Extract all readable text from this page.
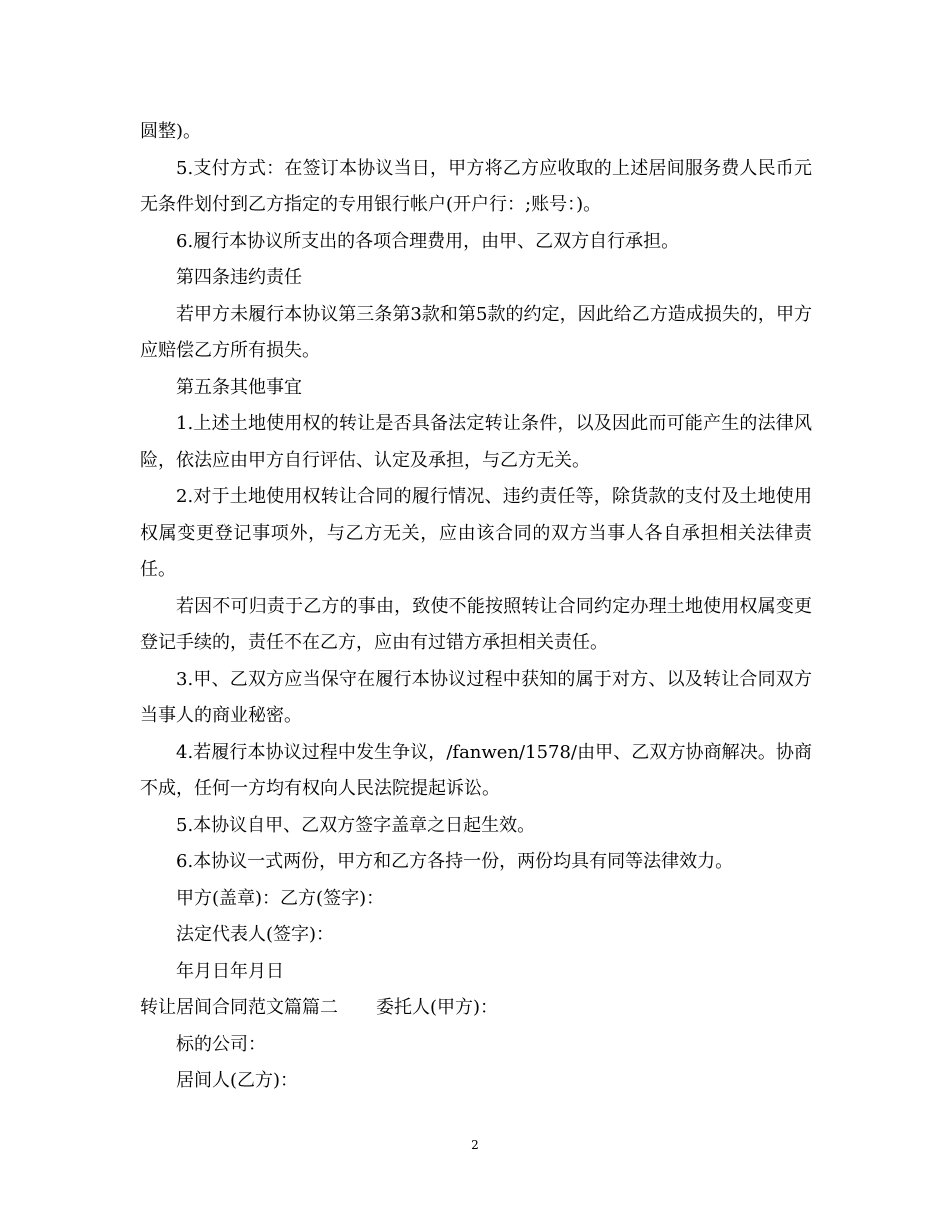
圆整)。

5.支付方式：在签订本协议当日，甲方将乙方应收取的上述居间服务费人民币元无条件划付到乙方指定的专用银行帐户(开户行：;账号：)。

6.履行本协议所支出的各项合理费用，由甲、乙双方自行承担。

第四条违约责任

若甲方未履行本协议第三条第3款和第5款的约定，因此给乙方造成损失的，甲方应赔偿乙方所有损失。

第五条其他事宜

1.上述土地使用权的转让是否具备法定转让条件，以及因此而可能产生的法律风险，依法应由甲方自行评估、认定及承担，与乙方无关。

2.对于土地使用权转让合同的履行情况、违约责任等，除货款的支付及土地使用权属变更登记事项外，与乙方无关，应由该合同的双方当事人各自承担相关法律责任。

若因不可归责于乙方的事由，致使不能按照转让合同约定办理土地使用权属变更登记手续的，责任不在乙方，应由有过错方承担相关责任。

3.甲、乙双方应当保守在履行本协议过程中获知的属于对方、以及转让合同双方当事人的商业秘密。

4.若履行本协议过程中发生争议，/fanwen/1578/由甲、乙双方协商解决。协商不成，任何一方均有权向人民法院提起诉讼。

5.本协议自甲、乙双方签字盖章之日起生效。

6.本协议一式两份，甲方和乙方各持一份，两份均具有同等法律效力。

甲方(盖章)：乙方(签字)：

法定代表人(签字)：

年月日年月日

转让居间合同范文篇篇二 委托人(甲方)：

标的公司：

居间人(乙方)：

2
